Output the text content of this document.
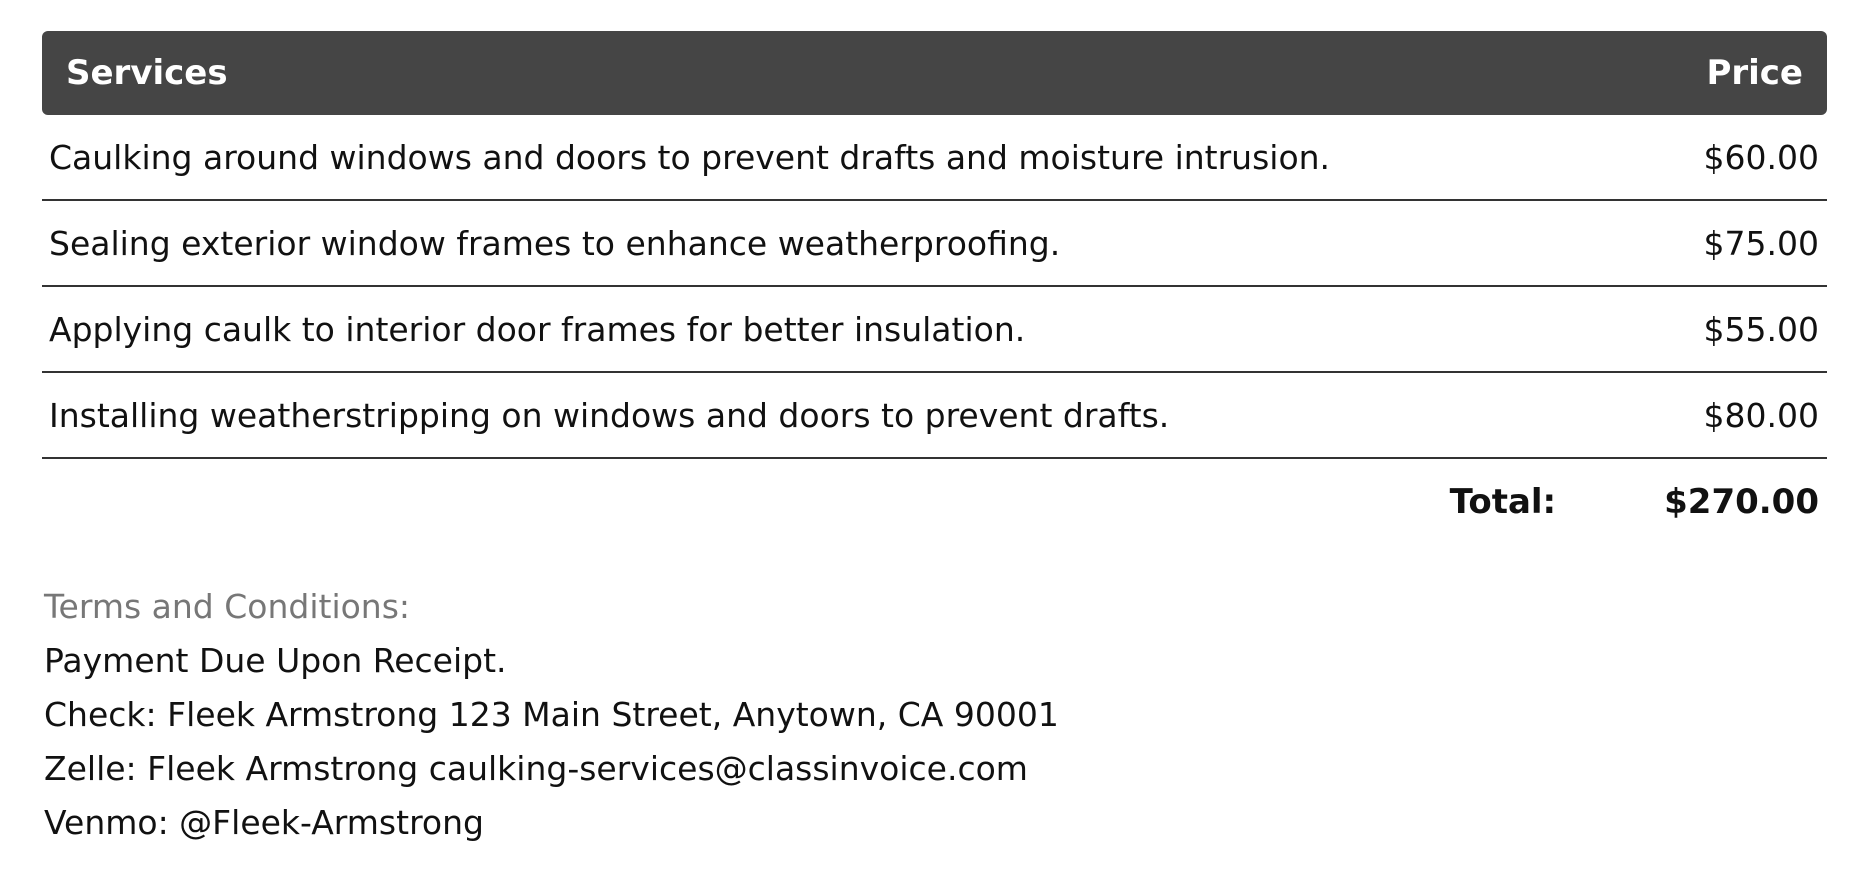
Services	Price
Caulking around windows and doors to prevent drafts and moisture intrusion.	$60.00
Sealing exterior window frames to enhance weatherproofing.	$75.00
Applying caulk to interior door frames for better insulation.	$55.00
Installing weatherstripping on windows and doors to prevent drafts.	$80.00
Total:	$270.00
Terms and Conditions:
Payment Due Upon Receipt.
Check: Fleek Armstrong 123 Main Street, Anytown, CA 90001
Zelle: Fleek Armstrong caulking-services@classinvoice.com
Venmo: @Fleek-Armstrong
